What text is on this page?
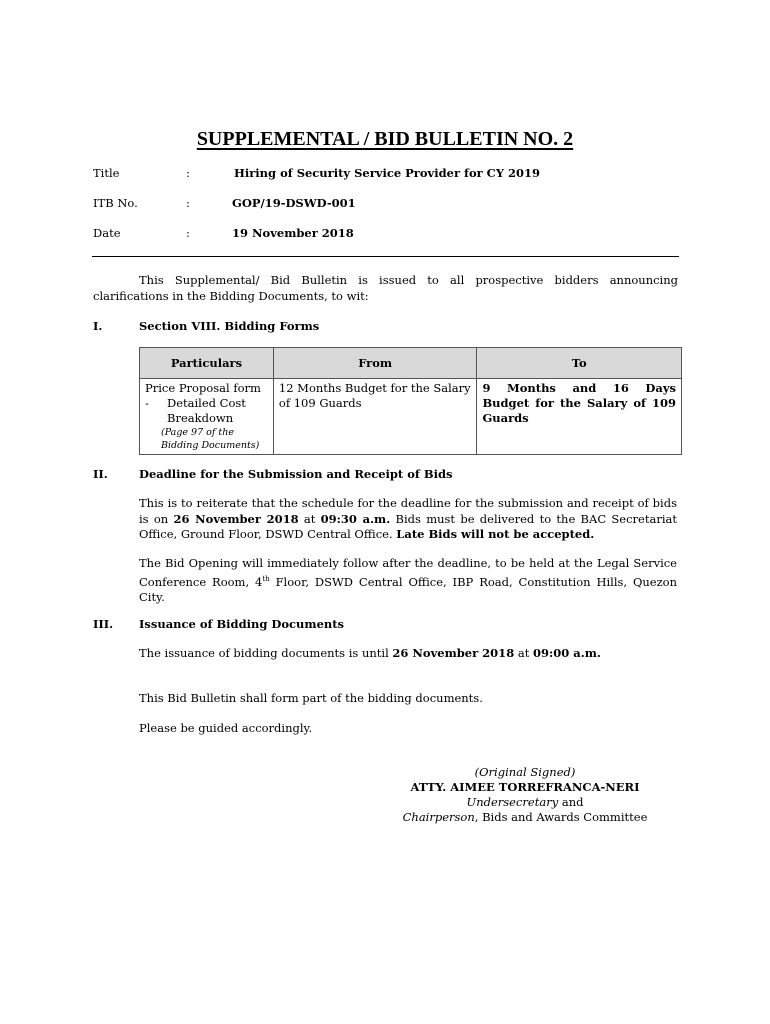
SUPPLEMENTAL / BID BULLETIN NO. 2
Title	:	Hiring of Security Service Provider for CY 2019
ITB No.	:	GOP/19-DSWD-001
Date	:	19 November 2018
This Supplemental/ Bid Bulletin is issued to all prospective bidders announcing clarifications in the Bidding Documents, to wit:
I.	Section VIII. Bidding Forms
Particulars	From	To

Price Proposal form
- Detailed Cost Breakdown
(Page 97 of the Bidding Documents)	12 Months Budget for the Salary of 109 Guards	9 Months and 16 Days Budget for the Salary of 109 Guards
II.	Deadline for the Submission and Receipt of Bids
This is to reiterate that the schedule for the deadline for the submission and receipt of bids is on 26 November 2018 at 09:30 a.m. Bids must be delivered to the BAC Secretariat Office, Ground Floor, DSWD Central Office. Late Bids will not be accepted.
The Bid Opening will immediately follow after the deadline, to be held at the Legal Service Conference Room, 4th Floor, DSWD Central Office, IBP Road, Constitution Hills, Quezon City.
III. Issuance of Bidding Documents
The issuance of bidding documents is until 26 November 2018 at 09:00 a.m.
This Bid Bulletin shall form part of the bidding documents.
Please be guided accordingly.
(Original Signed)
ATTY. AIMEE TORREFRANCA-NERI
Undersecretary and
Chairperson, Bids and Awards Committee
